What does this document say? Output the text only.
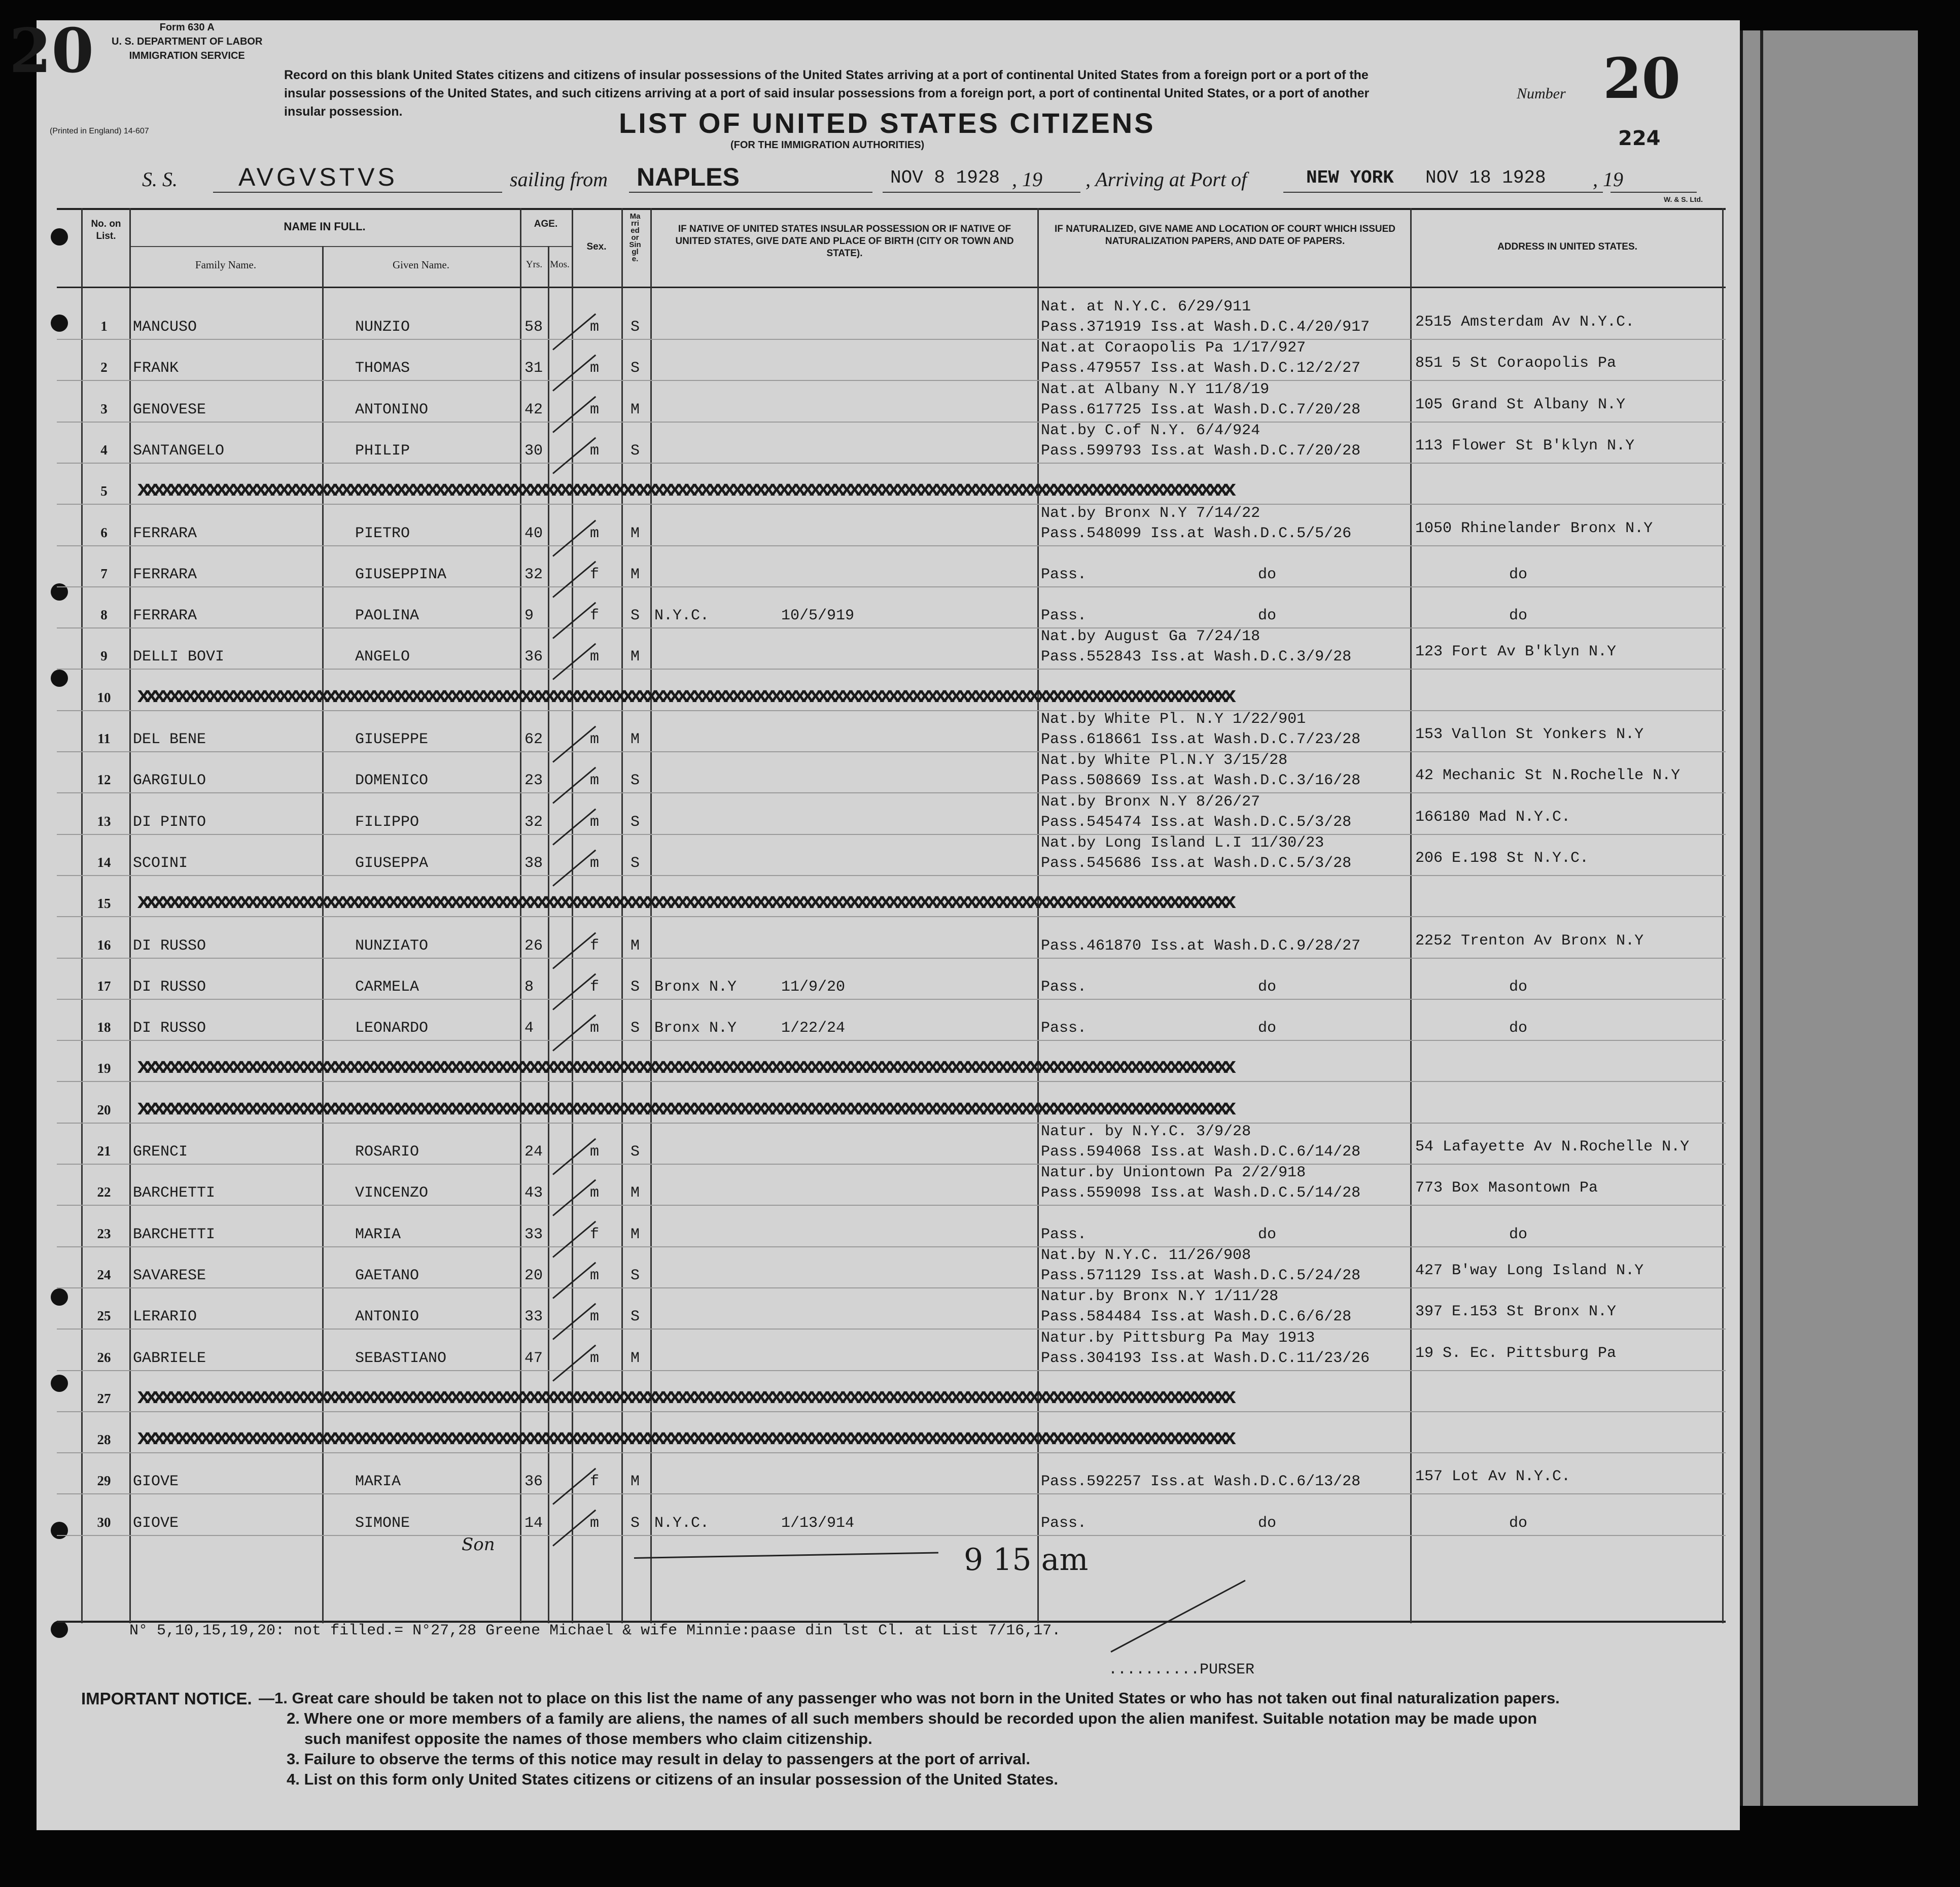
20	Form 630 A
U. S. DEPARTMENT OF LABOR
IMMIGRATION SERVICE
(Printed in England) 14-607
Record on this blank United States citizens and citizens of insular possessions of the United States arriving at a port of continental United States from a foreign port or a port of the insular possessions of the United States, and such citizens arriving at a port of said insular possessions from a foreign port, a port of continental United States, or a port of another insular possession.	LIST OF UNITED STATES CITIZENS
(FOR THE IMMIGRATION AUTHORITIES)
Number 20
224
S. S. AVGVSTVS	sailing from NAPLES	NOV 8 1928 , 19 , Arriving at Port of	NEW YORK NOV 18 1928 , 19
W. & S. Ltd.
No. on List.
NAME IN FULL.
Family Name.	Given Name.
AGE.
Yrs. Mos.
Sex.
Married or Single.
IF NATIVE OF UNITED STATES INSULAR POSSESSION OR IF NATIVE OF UNITED STATES, GIVE DATE AND PLACE OF BIRTH (CITY OR TOWN AND STATE).
IF NATURALIZED, GIVE NAME AND LOCATION OF COURT WHICH ISSUED NATURALIZATION PAPERS, AND DATE OF PAPERS.
ADDRESS IN UNITED STATES.
1	MANCUSO	NUNZIO	58	m S
Nat. at N.Y.C. 6/29/911
Pass.371919 Iss.at Wash.D.C.4/20/917	2515 Amsterdam Av N.Y.C.
2	FRANK	THOMAS	31	m S
Nat.at Coraopolis Pa 1/17/927
Pass.479557 Iss.at Wash.D.C.12/2/27	851 5 St Coraopolis Pa
3	GENOVESE	ANTONINO	42	m M
Nat.at Albany N.Y 11/8/19
Pass.617725 Iss.at Wash.D.C.7/20/28	105 Grand St Albany N.Y
4	SANTANGELO	PHILIP	30	m S
Nat.by C.of N.Y. 6/4/924
Pass.599793 Iss.at Wash.D.C.7/20/28	113 Flower St B'klyn N.Y
5	xxxxxxxxxxxxxxxxxxxxxxxxxxxxxxxxxxxxxxxxxxxxxxxxxxxxxxxxxxxxxxxxxxxxxxxxxxxxxxxxxxxxxxxxxxxxxxxxxxxxxxxxxxxxxxxxxxxxxxxxxxxxxxxxxxxxxxxxxxxx
6	FERRARA	PIETRO	40	m M
Nat.by Bronx N.Y 7/14/22
Pass.548099 Iss.at Wash.D.C.5/5/26	1050 Rhinelander Bronx N.Y
7	FERRARA	GIUSEPPINA	32	f M	Pass.	do	do
8	FERRARA	PAOLINA	9	f S N.Y.C.	10/5/919	Pass.	do	do
9	DELLI BOVI	ANGELO	36	m M
Nat.by August Ga 7/24/18
Pass.552843 Iss.at Wash.D.C.3/9/28	123 Fort Av B'klyn N.Y
10 xxxxxxxxxxxxxxxxxxxxxxxxxxxxxxxxxxxxxxxxxxxxxxxxxxxxxxxxxxxxxxxxxxxxxxxxxxxxxxxxxxxxxxxxxxxxxxxxxxxxxxxxxxxxxxxxxxxxxxxxxxxxxxxxxxxxxxxxxxxx
11 DEL BENE	GIUSEPPE	62	m M
Nat.by White Pl. N.Y 1/22/901
Pass.618661 Iss.at Wash.D.C.7/23/28	153 Vallon St Yonkers N.Y
12 GARGIULO	DOMENICO	23	m S
Nat.by White Pl.N.Y 3/15/28
Pass.508669 Iss.at Wash.D.C.3/16/28	42 Mechanic St N.Rochelle N.Y
13 DI PINTO	FILIPPO	32	m S
Nat.by Bronx N.Y 8/26/27
Pass.545474 Iss.at Wash.D.C.5/3/28	166180 Mad N.Y.C.
14 SCOINI	GIUSEPPA	38	m S
Nat.by Long Island L.I 11/30/23
Pass.545686 Iss.at Wash.D.C.5/3/28	206 E.198 St N.Y.C.
15 xxxxxxxxxxxxxxxxxxxxxxxxxxxxxxxxxxxxxxxxxxxxxxxxxxxxxxxxxxxxxxxxxxxxxxxxxxxxxxxxxxxxxxxxxxxxxxxxxxxxxxxxxxxxxxxxxxxxxxxxxxxxxxxxxxxxxxxxxxxx
16 DI RUSSO	NUNZIATO	26	f M	Pass.461870 Iss.at Wash.D.C.9/28/27	2252 Trenton Av Bronx N.Y
17 DI RUSSO	CARMELA	8	f S Bronx N.Y	11/9/20	Pass.	do	do
18 DI RUSSO	LEONARDO	4	m S Bronx N.Y	1/22/24	Pass.	do	do
19 xxxxxxxxxxxxxxxxxxxxxxxxxxxxxxxxxxxxxxxxxxxxxxxxxxxxxxxxxxxxxxxxxxxxxxxxxxxxxxxxxxxxxxxxxxxxxxxxxxxxxxxxxxxxxxxxxxxxxxxxxxxxxxxxxxxxxxxxxxxx
20 xxxxxxxxxxxxxxxxxxxxxxxxxxxxxxxxxxxxxxxxxxxxxxxxxxxxxxxxxxxxxxxxxxxxxxxxxxxxxxxxxxxxxxxxxxxxxxxxxxxxxxxxxxxxxxxxxxxxxxxxxxxxxxxxxxxxxxxxxxxx
21 GRENCI	ROSARIO	24	m S
Natur. by N.Y.C. 3/9/28
Pass.594068 Iss.at Wash.D.C.6/14/28	54 Lafayette Av N.Rochelle N.Y
22 BARCHETTI	VINCENZO	43	m M
Natur.by Uniontown Pa 2/2/918
Pass.559098 Iss.at Wash.D.C.5/14/28	773 Box Masontown Pa
23 BARCHETTI	MARIA	33	f M	Pass.	do	do
24 SAVARESE	GAETANO	20	m S
Nat.by N.Y.C. 11/26/908
Pass.571129 Iss.at Wash.D.C.5/24/28	427 B'way Long Island N.Y
25 LERARIO	ANTONIO	33	m S
Natur.by Bronx N.Y 1/11/28
Pass.584484 Iss.at Wash.D.C.6/6/28	397 E.153 St Bronx N.Y
26 GABRIELE	SEBASTIANO	47	m M
Natur.by Pittsburg Pa May 1913
Pass.304193 Iss.at Wash.D.C.11/23/26	19 S. Ec. Pittsburg Pa
27 xxxxxxxxxxxxxxxxxxxxxxxxxxxxxxxxxxxxxxxxxxxxxxxxxxxxxxxxxxxxxxxxxxxxxxxxxxxxxxxxxxxxxxxxxxxxxxxxxxxxxxxxxxxxxxxxxxxxxxxxxxxxxxxxxxxxxxxxxxxx
28 xxxxxxxxxxxxxxxxxxxxxxxxxxxxxxxxxxxxxxxxxxxxxxxxxxxxxxxxxxxxxxxxxxxxxxxxxxxxxxxxxxxxxxxxxxxxxxxxxxxxxxxxxxxxxxxxxxxxxxxxxxxxxxxxxxxxxxxxxxxx
29 GIOVE	MARIA	36	f M	Pass.592257 Iss.at Wash.D.C.6/13/28	157 Lot Av N.Y.C.
30 GIOVE	SIMONE	14	m S N.Y.C.	1/13/914	Pass.	do	do
Son	9 15 am
N° 5,10,15,19,20: not filled.= N°27,28 Greene Michael & wife Minnie:paase din lst Cl. at List 7/16,17.
..........PURSER
IMPORTANT NOTICE. —1. Great care should be taken not to place on this list the name of any passenger who was not born in the United States or who has not taken out final naturalization papers.
2. Where one or more members of a family are aliens, the names of all such members should be recorded upon the alien manifest. Suitable notation may be made upon
such manifest opposite the names of those members who claim citizenship.
3. Failure to observe the terms of this notice may result in delay to passengers at the port of arrival.
4. List on this form only United States citizens or citizens of an insular possession of the United States.
